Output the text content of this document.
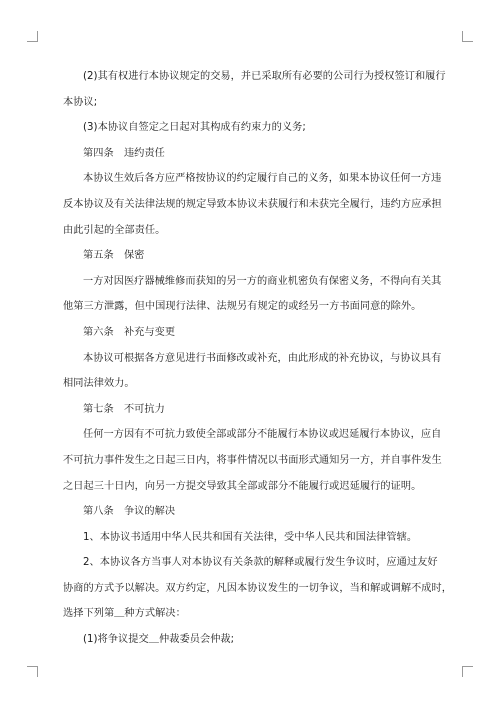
(2)其有权进行本协议规定的交易，并已采取所有必要的公司行为授权签订和履行

本协议;

(3)本协议自签定之日起对其构成有约束力的义务;

第四条　违约责任

本协议生效后各方应严格按协议的约定履行自己的义务，如果本协议任何一方违

反本协议及有关法律法规的规定导致本协议未获履行和未获完全履行，违约方应承担

由此引起的全部责任。

第五条　保密

一方对因医疗器械维修而获知的另一方的商业机密负有保密义务，不得向有关其

他第三方泄露，但中国现行法律、法规另有规定的或经另一方书面同意的除外。

第六条　补充与变更

本协议可根据各方意见进行书面修改或补充，由此形成的补充协议，与协议具有

相同法律效力。

第七条　不可抗力

任何一方因有不可抗力致使全部或部分不能履行本协议或迟延履行本协议，应自

不可抗力事件发生之日起三日内，将事件情况以书面形式通知另一方，并自事件发生

之日起三十日内，向另一方提交导致其全部或部分不能履行或迟延履行的证明。

第八条　争议的解决

1、本协议书适用中华人民共和国有关法律，受中华人民共和国法律管辖。

2、本协议各方当事人对本协议有关条款的解释或履行发生争议时，应通过友好

协商的方式予以解决。双方约定，凡因本协议发生的一切争议，当和解或调解不成时，

选择下列第＿种方式解决：

(1)将争议提交＿仲裁委员会仲裁;
